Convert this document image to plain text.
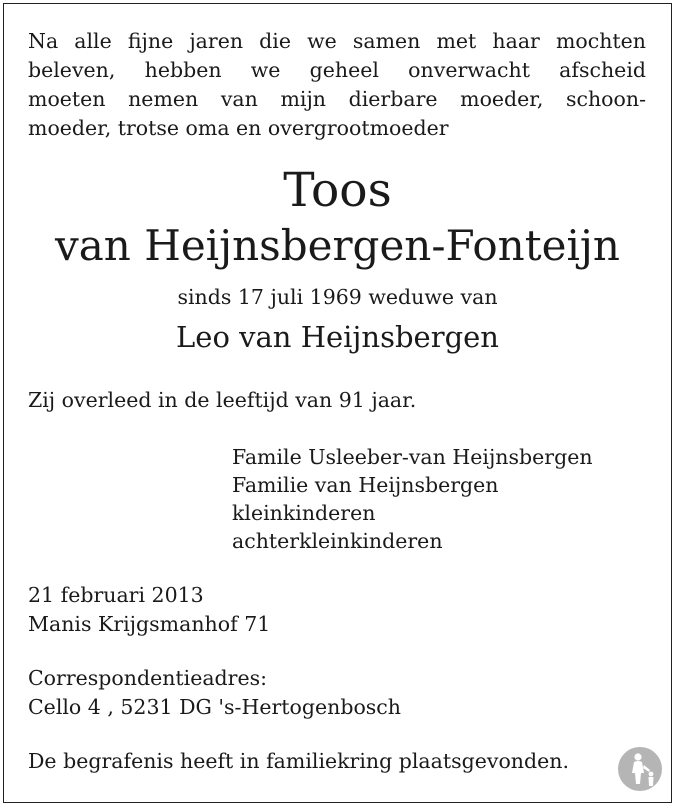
Na alle fijne jaren die we samen met haar mochten
beleven, hebben we geheel onverwacht afscheid
moeten nemen van mijn dierbare moeder, schoon-
moeder, trotse oma en overgrootmoeder
Toos
van Heijnsbergen-Fonteijn
sinds 17 juli 1969 weduwe van
Leo van Heijnsbergen
Zij overleed in de leeftijd van 91 jaar.
Famile Usleeber-van Heijnsbergen
Familie van Heijnsbergen
kleinkinderen
achterkleinkinderen
21 februari 2013
Manis Krijgsmanhof 71
Correspondentieadres:
Cello 4 , 5231 DG 's-Hertogenbosch
De begrafenis heeft in familiekring plaatsgevonden.
